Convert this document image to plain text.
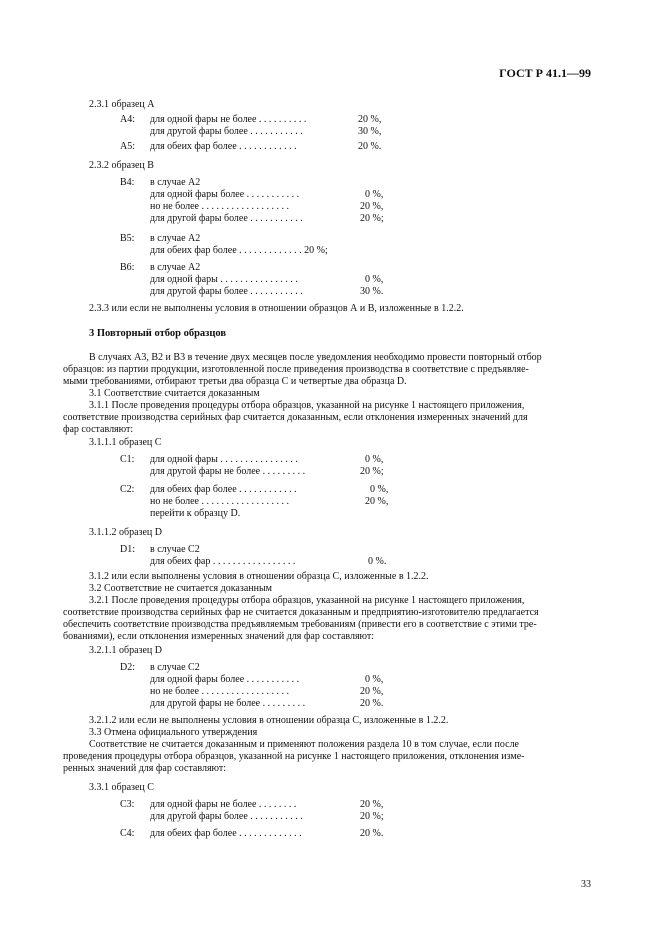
ГОСТ Р 41.1—99
2.3.1 образец А
А4: для одной фары не более . . . . . . . . . .	20 %,
для другой фары более . . . . . . . . . . .	30 %,
А5: для обеих фар более . . . . . . . . . . . .	20 %.
2.3.2 образец В
В4: в случае А2
для одной фары более . . . . . . . . . . .	0 %,
но не более . . . . . . . . . . . . . . . . . .	20 %,
для другой фары более . . . . . . . . . . .	20 %;
В5: в случае А2
для обеих фар более . . . . . . . . . . . . . 20 %;
В6: в случае А2
для одной фары . . . . . . . . . . . . . . . .	0 %,
для другой фары более . . . . . . . . . . .	30 %.
2.3.3 или если не выполнены условия в отношении образцов А и В, изложенные в 1.2.2.
3 Повторный отбор образцов
В случаях А3, В2 и В3 в течение двух месяцев после уведомления необходимо провести повторный отбор
образцов: из партии продукции, изготовленной после приведения производства в соответствие с предъявляе-
мыми требованиями, отбирают третьи два образца С и четвертые два образца D.
3.1 Соответствие считается доказанным
3.1.1 После проведения процедуры отбора образцов, указанной на рисунке 1 настоящего приложения,
соответствие производства серийных фар считается доказанным, если отклонения измеренных значений для
фар составляют:
3.1.1.1 образец С
С1: для одной фары . . . . . . . . . . . . . . . .	0 %,
для другой фары не более . . . . . . . . .	20 %;
С2: для обеих фар более . . . . . . . . . . . .	0 %,
но не более . . . . . . . . . . . . . . . . . .	20 %,
перейти к образцу D.
3.1.1.2 образец D
D1: в случае С2
для обеих фар . . . . . . . . . . . . . . . . .	0 %.
3.1.2 или если выполнены условия в отношении образца С, изложенные в 1.2.2.
3.2 Соответствие не считается доказанным
3.2.1 После проведения процедуры отбора образцов, указанной на рисунке 1 настоящего приложения,
соответствие производства серийных фар не считается доказанным и предприятию-изготовителю предлагается
обеспечить соответствие производства предъявляемым требованиям (привести его в соответствие с этими тре-
бованиями), если отклонения измеренных значений для фар составляют:
3.2.1.1 образец D
D2: в случае С2
для одной фары более . . . . . . . . . . .	0 %,
но не более . . . . . . . . . . . . . . . . . .	20 %,
для другой фары не более . . . . . . . . .	20 %.
3.2.1.2 или если не выполнены условия в отношении образца С, изложенные в 1.2.2.
3.3 Отмена официального утверждения
Соответствие не считается доказанным и применяют положения раздела 10 в том случае, если после
проведения процедуры отбора образцов, указанной на рисунке 1 настоящего приложения, отклонения изме-
ренных значений для фар составляют:
3.3.1 образец С
С3: для одной фары не более . . . . . . . .	20 %,
для другой фары более . . . . . . . . . . .	20 %;
С4: для обеих фар более . . . . . . . . . . . . .	20 %.
33
